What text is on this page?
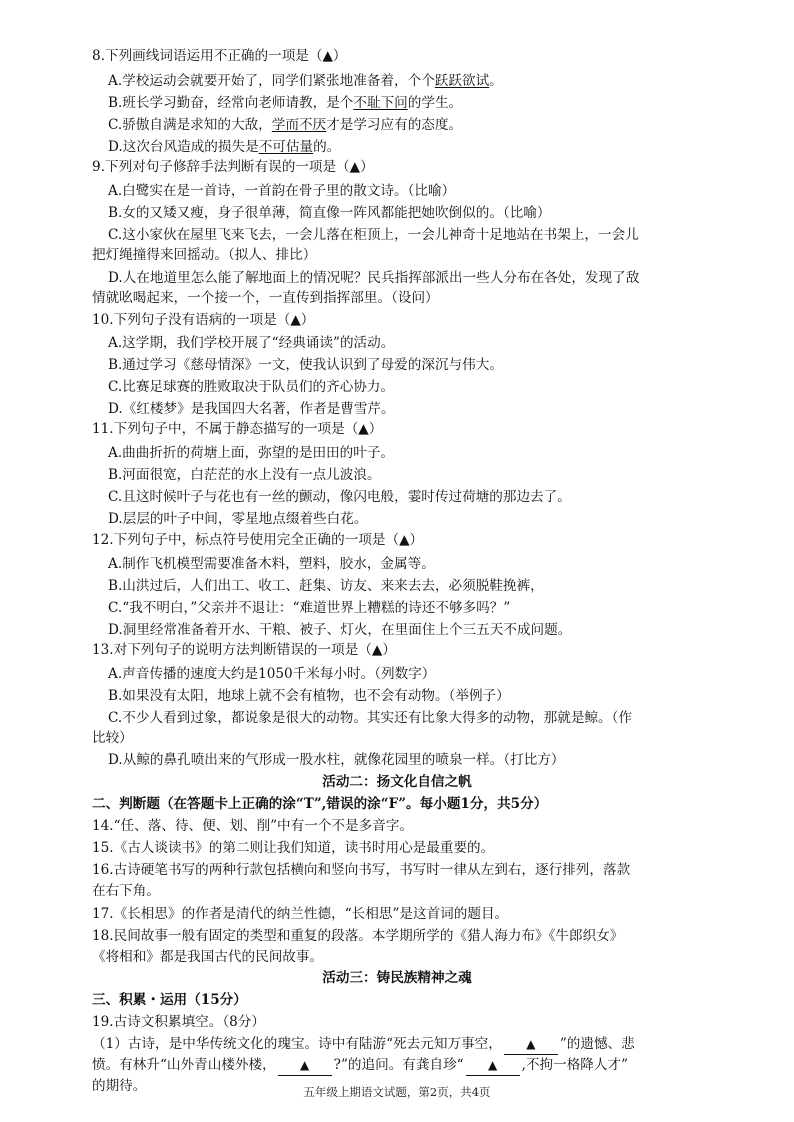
8.下列画线词语运用不正确的一项是（▲）
A.学校运动会就要开始了，同学们紧张地准备着，个个跃跃欲试。
B.班长学习勤奋，经常向老师请教，是个不耻下问的学生。
C.骄傲自满是求知的大敌，学而不厌才是学习应有的态度。
D.这次台风造成的损失是不可估量的。
9.下列对句子修辞手法判断有误的一项是（▲）
A.白鹭实在是一首诗，一首韵在骨子里的散文诗。（比喻）
B.女的又矮又瘦，身子很单薄，简直像一阵风都能把她吹倒似的。（比喻）
C.这小家伙在屋里飞来飞去，一会儿落在柜顶上，一会儿神奇十足地站在书架上，一会儿
把灯绳撞得来回摇动。（拟人、排比）
D.人在地道里怎么能了解地面上的情况呢？民兵指挥部派出一些人分布在各处，发现了敌
情就吆喝起来，一个接一个，一直传到指挥部里。（设问）
10.下列句子没有语病的一项是（▲）
A.这学期，我们学校开展了“经典诵读”的活动。
B.通过学习《慈母情深》一文，使我认识到了母爱的深沉与伟大。
C.比赛足球赛的胜败取决于队员们的齐心协力。
D.《红楼梦》是我国四大名著，作者是曹雪芹。
11.下列句子中，不属于静态描写的一项是（▲）
A.曲曲折折的荷塘上面，弥望的是田田的叶子。
B.河面很宽，白茫茫的水上没有一点儿波浪。
C.且这时候叶子与花也有一丝的颤动，像闪电般，霎时传过荷塘的那边去了。
D.层层的叶子中间，零星地点缀着些白花。
12.下列句子中，标点符号使用完全正确的一项是（▲）
A.制作飞机模型需要准备木料，塑料，胶水，金属等。
B.山洪过后，人们出工、收工、赶集、访友、来来去去，必须脱鞋挽裤，
C.“我不明白，”父亲并不退让：“难道世界上糟糕的诗还不够多吗？”
D.洞里经常准备着开水、干粮、被子、灯火，在里面住上个三五天不成问题。
13.对下列句子的说明方法判断错误的一项是（▲）
A.声音传播的速度大约是1050千米每小时。（列数字）
B.如果没有太阳，地球上就不会有植物，也不会有动物。（举例子）
C.不少人看到过象，都说象是很大的动物。其实还有比象大得多的动物，那就是鲸。（作
比较）
D.从鲸的鼻孔喷出来的气形成一股水柱，就像花园里的喷泉一样。（打比方）
活动二：扬文化自信之帆
二、判断题（在答题卡上正确的涂“T”,错误的涂“F”。每小题1分，共5分）
14.“任、落、待、便、划、削”中有一个不是多音字。
15.《古人谈读书》的第二则让我们知道，读书时用心是最重要的。
16.古诗硬笔书写的两种行款包括横向和竖向书写，书写时一律从左到右，逐行排列，落款
在右下角。
17.《长相思》的作者是清代的纳兰性德，“长相思”是这首词的题目。
18.民间故事一般有固定的类型和重复的段落。本学期所学的《猎人海力布》《牛郎织女》
《将相和》都是我国古代的民间故事。
活动三：铸民族精神之魂
三、积累・运用（15分）
19.古诗文积累填空。（8分）
（1）古诗，是中华传统文化的瑰宝。诗中有陆游“死去元知万事空， ▲ ”的遗憾、悲
愤。有林升“山外青山楼外楼， ▲ ?”的追问。有龚自珍“ ▲ ,不拘一格降人才”
的期待。	五年级上期语文试题，第2页，共4页
